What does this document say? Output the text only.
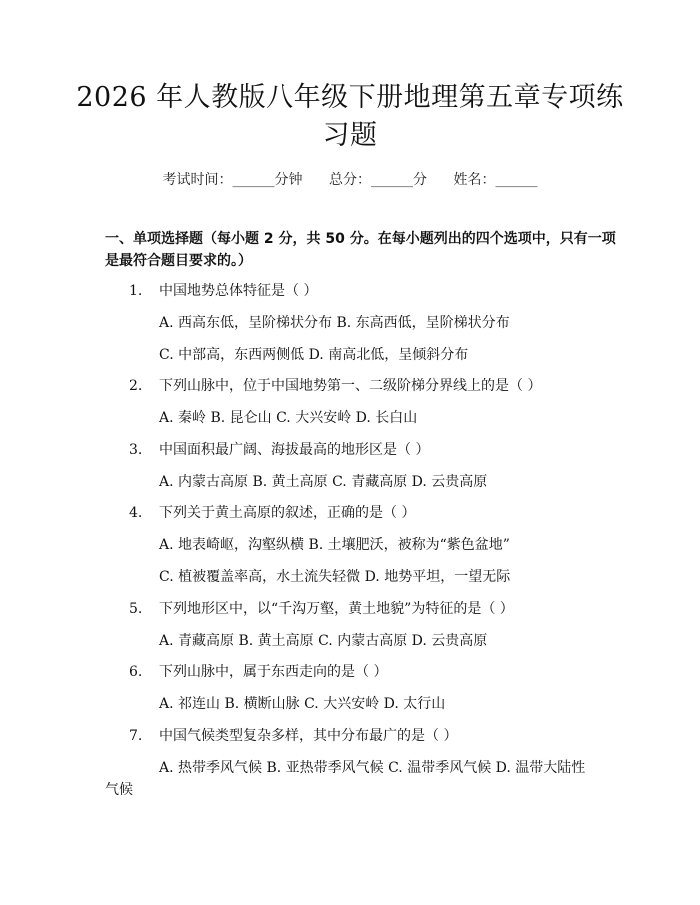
2026 年人教版八年级下册地理第五章专项练
习题
考试时间：______分钟 总分：______分 姓名：______
一、单项选择题（每小题 2 分，共 50 分。在每小题列出的四个选项中，只有一项
是最符合题目要求的。）
1. 中国地势总体特征是（ ）
A. 西高东低，呈阶梯状分布 B. 东高西低，呈阶梯状分布
C. 中部高，东西两侧低 D. 南高北低，呈倾斜分布
2. 下列山脉中，位于中国地势第一、二级阶梯分界线上的是（ ）
A. 秦岭 B. 昆仑山 C. 大兴安岭 D. 长白山
3. 中国面积最广阔、海拔最高的地形区是（ ）
A. 内蒙古高原 B. 黄土高原 C. 青藏高原 D. 云贵高原
4. 下列关于黄土高原的叙述，正确的是（ ）
A. 地表崎岖，沟壑纵横 B. 土壤肥沃，被称为“紫色盆地”
C. 植被覆盖率高，水土流失轻微 D. 地势平坦，一望无际
5. 下列地形区中，以“千沟万壑，黄土地貌”为特征的是（ ）
A. 青藏高原 B. 黄土高原 C. 内蒙古高原 D. 云贵高原
6. 下列山脉中，属于东西走向的是（ ）
A. 祁连山 B. 横断山脉 C. 大兴安岭 D. 太行山
7. 中国气候类型复杂多样，其中分布最广的是（ ）
A. 热带季风气候 B. 亚热带季风气候 C. 温带季风气候 D. 温带大陆性
气候
